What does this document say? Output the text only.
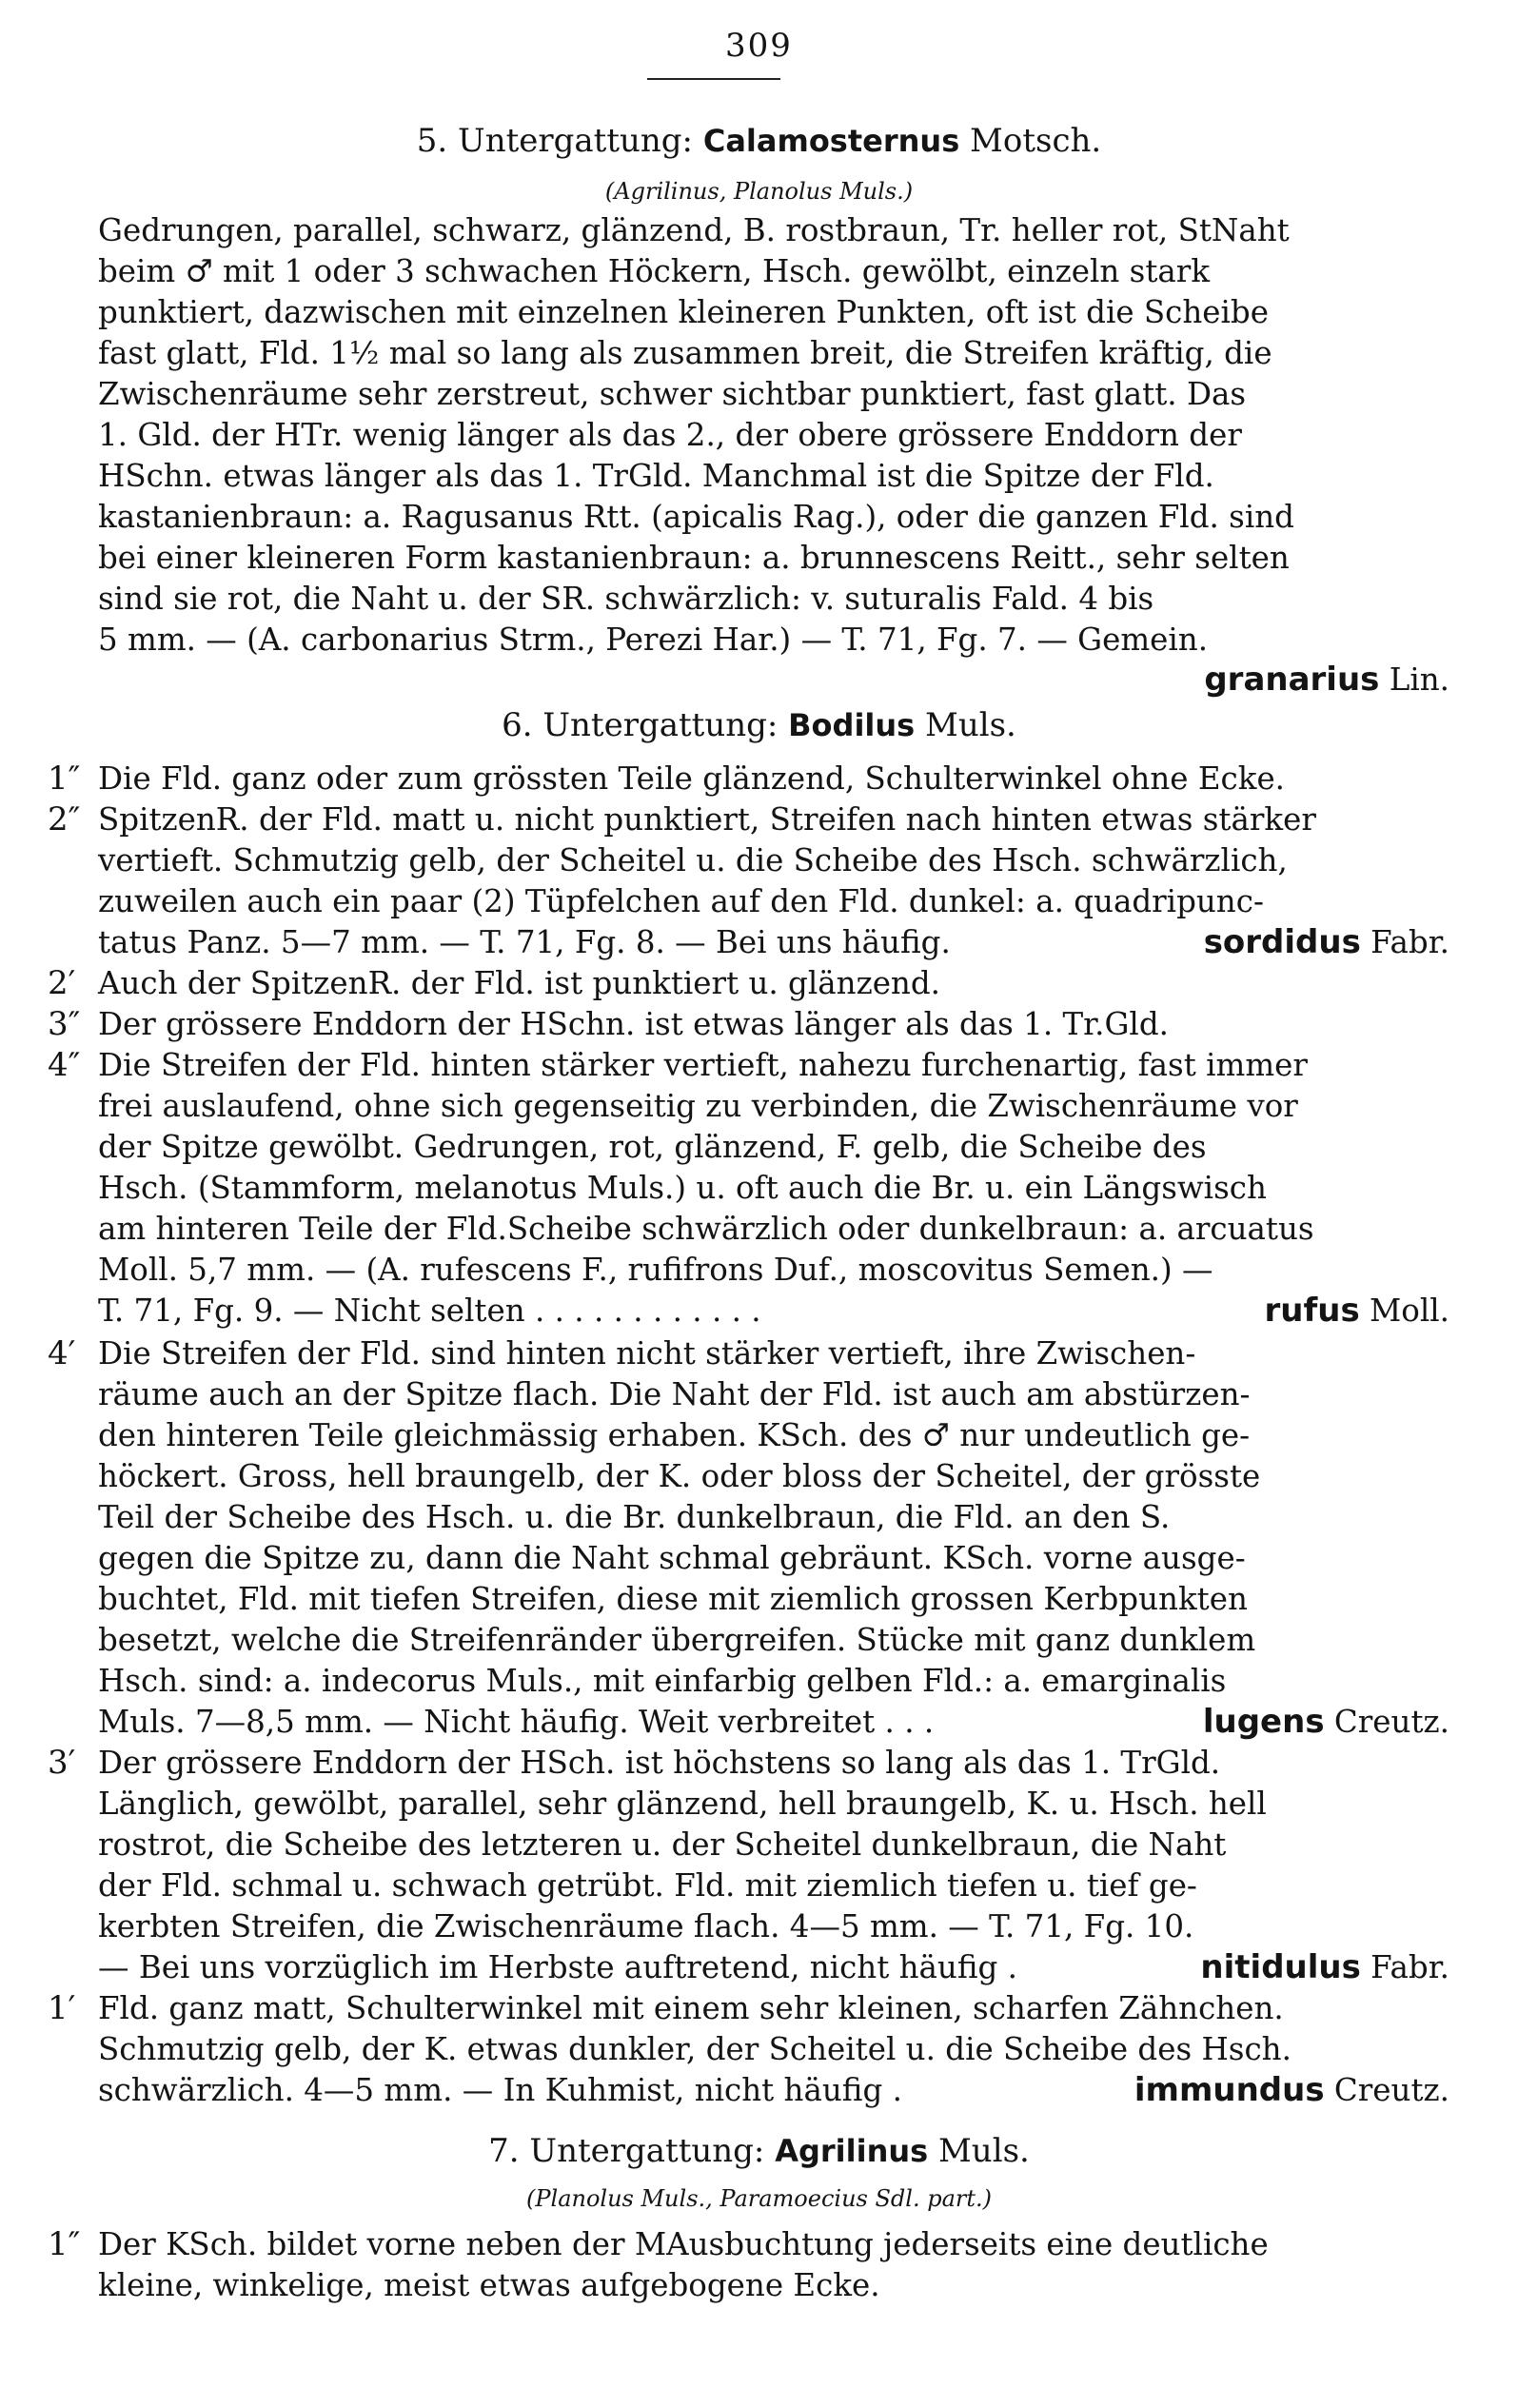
309
5. Untergattung: Calamosternus Motsch.
(Agrilinus, Planolus Muls.)
Gedrungen, parallel, schwarz, glänzend, B. rostbraun, Tr. heller rot, StNaht
beim ♂ mit 1 oder 3 schwachen Höckern, Hsch. gewölbt, einzeln stark
punktiert, dazwischen mit einzelnen kleineren Punkten, oft ist die Scheibe
fast glatt, Fld. 1½ mal so lang als zusammen breit, die Streifen kräftig, die
Zwischenräume sehr zerstreut, schwer sichtbar punktiert, fast glatt. Das
1. Gld. der HTr. wenig länger als das 2., der obere grössere Enddorn der
HSchn. etwas länger als das 1. TrGld. Manchmal ist die Spitze der Fld.
kastanienbraun: a. Ragusanus Rtt. (apicalis Rag.), oder die ganzen Fld. sind
bei einer kleineren Form kastanienbraun: a. brunnescens Reitt., sehr selten
sind sie rot, die Naht u. der SR. schwärzlich: v. suturalis Fald. 4 bis
5 mm. — (A. carbonarius Strm., Perezi Har.) — T. 71, Fg. 7. — Gemein.
granarius Lin.
6. Untergattung: Bodilus Muls.
1″ Die Fld. ganz oder zum grössten Teile glänzend, Schulterwinkel ohne Ecke.
2″ SpitzenR. der Fld. matt u. nicht punktiert, Streifen nach hinten etwas stärker
vertieft. Schmutzig gelb, der Scheitel u. die Scheibe des Hsch. schwärzlich,
zuweilen auch ein paar (2) Tüpfelchen auf den Fld. dunkel: a. quadripunc-
tatus Panz. 5—7 mm. — T. 71, Fg. 8. — Bei uns häufig.	sordidus Fabr.
2′ Auch der SpitzenR. der Fld. ist punktiert u. glänzend.
3″ Der grössere Enddorn der HSchn. ist etwas länger als das 1. Tr.Gld.
4″ Die Streifen der Fld. hinten stärker vertieft, nahezu furchenartig, fast immer
frei auslaufend, ohne sich gegenseitig zu verbinden, die Zwischenräume vor
der Spitze gewölbt. Gedrungen, rot, glänzend, F. gelb, die Scheibe des
Hsch. (Stammform, melanotus Muls.) u. oft auch die Br. u. ein Längswisch
am hinteren Teile der Fld.Scheibe schwärzlich oder dunkelbraun: a. arcuatus
Moll. 5,7 mm. — (A. rufescens F., rufifrons Duf., moscovitus Semen.) —
T. 71, Fg. 9. — Nicht selten . . . . . . . . . . . .	rufus Moll.
4′ Die Streifen der Fld. sind hinten nicht stärker vertieft, ihre Zwischen-
räume auch an der Spitze flach. Die Naht der Fld. ist auch am abstürzen-
den hinteren Teile gleichmässig erhaben. KSch. des ♂ nur undeutlich ge-
höckert. Gross, hell braungelb, der K. oder bloss der Scheitel, der grösste
Teil der Scheibe des Hsch. u. die Br. dunkelbraun, die Fld. an den S.
gegen die Spitze zu, dann die Naht schmal gebräunt. KSch. vorne ausge-
buchtet, Fld. mit tiefen Streifen, diese mit ziemlich grossen Kerbpunkten
besetzt, welche die Streifenränder übergreifen. Stücke mit ganz dunklem
Hsch. sind: a. indecorus Muls., mit einfarbig gelben Fld.: a. emarginalis
Muls. 7—8,5 mm. — Nicht häufig. Weit verbreitet . . .	lugens Creutz.
3′ Der grössere Enddorn der HSch. ist höchstens so lang als das 1. TrGld.
Länglich, gewölbt, parallel, sehr glänzend, hell braungelb, K. u. Hsch. hell
rostrot, die Scheibe des letzteren u. der Scheitel dunkelbraun, die Naht
der Fld. schmal u. schwach getrübt. Fld. mit ziemlich tiefen u. tief ge-
kerbten Streifen, die Zwischenräume flach. 4—5 mm. — T. 71, Fg. 10.
— Bei uns vorzüglich im Herbste auftretend, nicht häufig .	nitidulus Fabr.
1′ Fld. ganz matt, Schulterwinkel mit einem sehr kleinen, scharfen Zähnchen.
Schmutzig gelb, der K. etwas dunkler, der Scheitel u. die Scheibe des Hsch.
schwärzlich. 4—5 mm. — In Kuhmist, nicht häufig .	immundus Creutz.
7. Untergattung: Agrilinus Muls.
(Planolus Muls., Paramoecius Sdl. part.)
1″ Der KSch. bildet vorne neben der MAusbuchtung jederseits eine deutliche
kleine, winkelige, meist etwas aufgebogene Ecke.
